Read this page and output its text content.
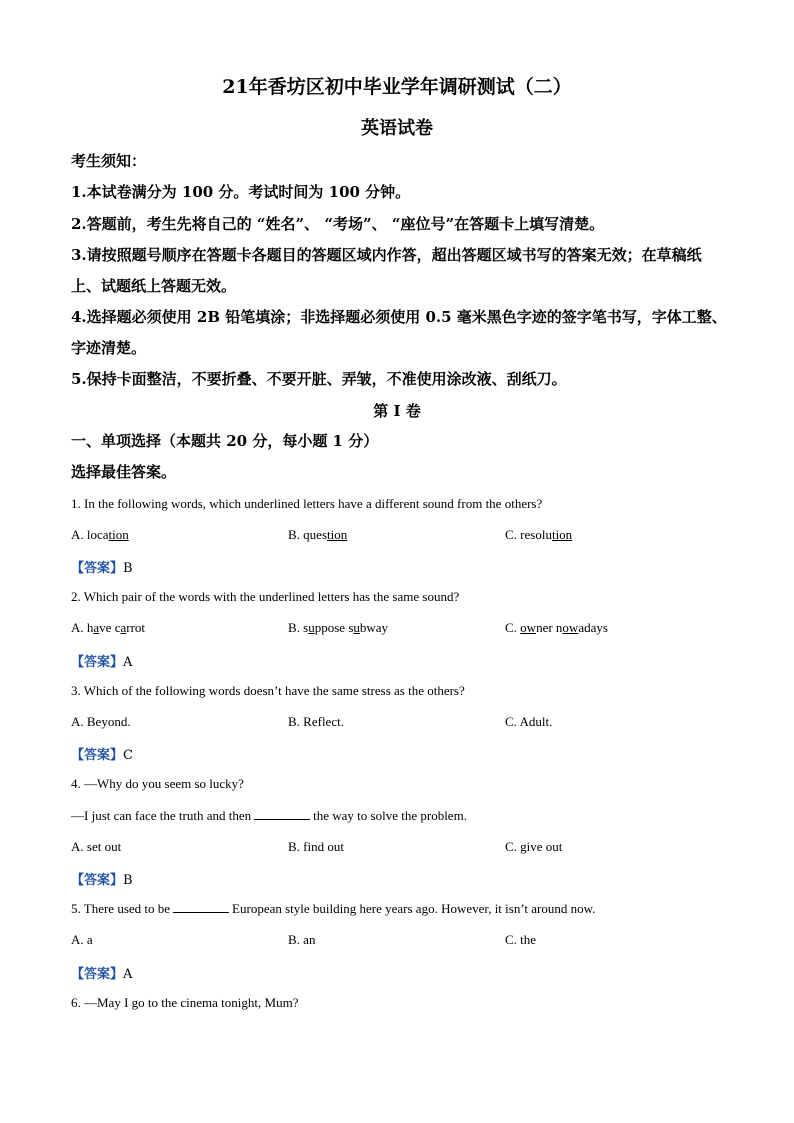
21年香坊区初中毕业学年调研测试（二）
英语试卷
考生须知：
1.本试卷满分为 100 分。考试时间为 100 分钟。
2.答题前，考生先将自己的 “姓名”、 “考场”、 “座位号”在答题卡上填写清楚。
3.请按照题号顺序在答题卡各题目的答题区域内作答，超出答题区域书写的答案无效；在草稿纸上、试题纸上答题无效。
4.选择题必须使用 2B 铅笔填涂；非选择题必须使用 0.5 毫米黑色字迹的签字笔书写，字体工整、字迹清楚。
5.保持卡面整洁，不要折叠、不要开脏、弄皱，不准使用涂改液、刮纸刀。
第 I 卷
一、单项选择（本题共 20 分，每小题 1 分）
选择最佳答案。
1. In the following words, which underlined letters have a different sound from the others?
A. location	B. question	C. resolution
【答案】B
2. Which pair of the words with the underlined letters has the same sound?
A. have carrot	B. suppose subway	C. owner nowadays
【答案】A
3. Which of the following words doesn’t have the same stress as the others?
A. Beyond.	B. Reflect.	C. Adult.
【答案】C
4. —Why do you seem so lucky?
—I just can face the truth and then	the way to solve the problem.
A. set out	B. find out	C. give out
【答案】B
5. There used to be	European style building here years ago. However, it isn’t around now.
A. a	B. an	C. the
【答案】A
6. —May I go to the cinema tonight, Mum?
